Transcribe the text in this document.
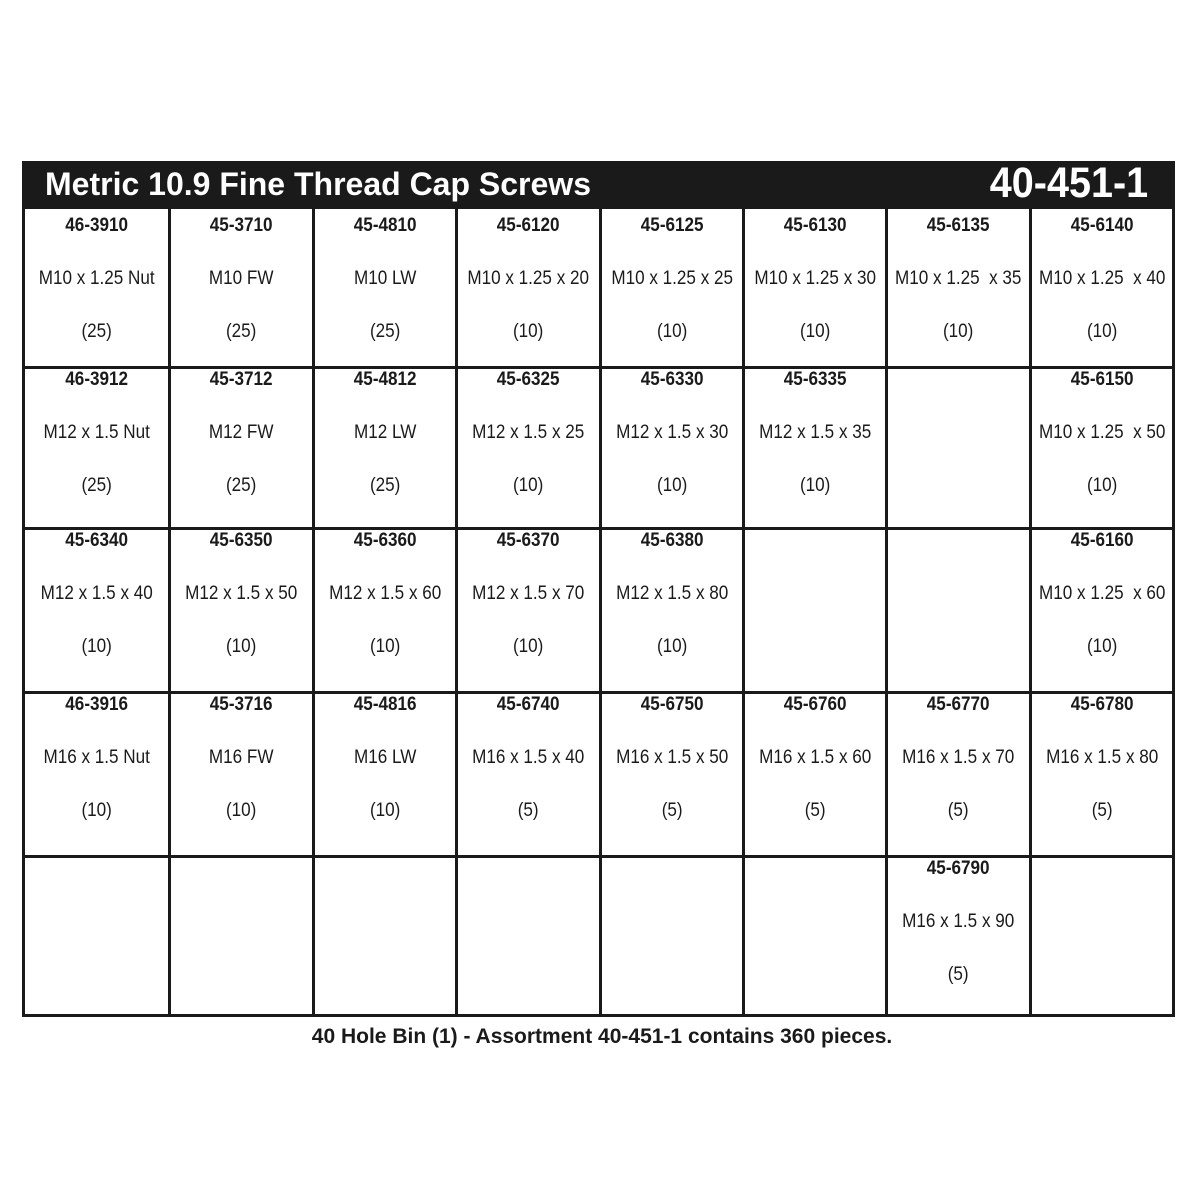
Metric 10.9 Fine Thread Cap Screws	40-451-1
46-3910
M10 x 1.25 Nut
(25)
45-3710
M10 FW
(25)
45-4810
M10 LW
(25)
45-6120
M10 x 1.25 x 20
(10)
45-6125
M10 x 1.25 x 25
(10)
45-6130
M10 x 1.25 x 30
(10)
45-6135
M10 x 1.25  x 35
(10)
45-6140
M10 x 1.25  x 40
(10)
46-3912
M12 x 1.5 Nut
(25)
45-3712
M12 FW
(25)
45-4812
M12 LW
(25)
45-6325
M12 x 1.5 x 25
(10)
45-6330
M12 x 1.5 x 30
(10)
45-6335
M12 x 1.5 x 35
(10)
45-6150
M10 x 1.25  x 50
(10)
45-6340
M12 x 1.5 x 40
(10)
45-6350
M12 x 1.5 x 50
(10)
45-6360
M12 x 1.5 x 60
(10)
45-6370
M12 x 1.5 x 70
(10)
45-6380
M12 x 1.5 x 80
(10)
45-6160
M10 x 1.25  x 60
(10)
46-3916
M16 x 1.5 Nut
(10)
45-3716
M16 FW
(10)
45-4816
M16 LW
(10)
45-6740
M16 x 1.5 x 40
(5)
45-6750
M16 x 1.5 x 50
(5)
45-6760
M16 x 1.5 x 60
(5)
45-6770
M16 x 1.5 x 70
(5)
45-6780
M16 x 1.5 x 80
(5)
45-6790
M16 x 1.5 x 90
(5)
40 Hole Bin (1) - Assortment 40-451-1 contains 360 pieces.
